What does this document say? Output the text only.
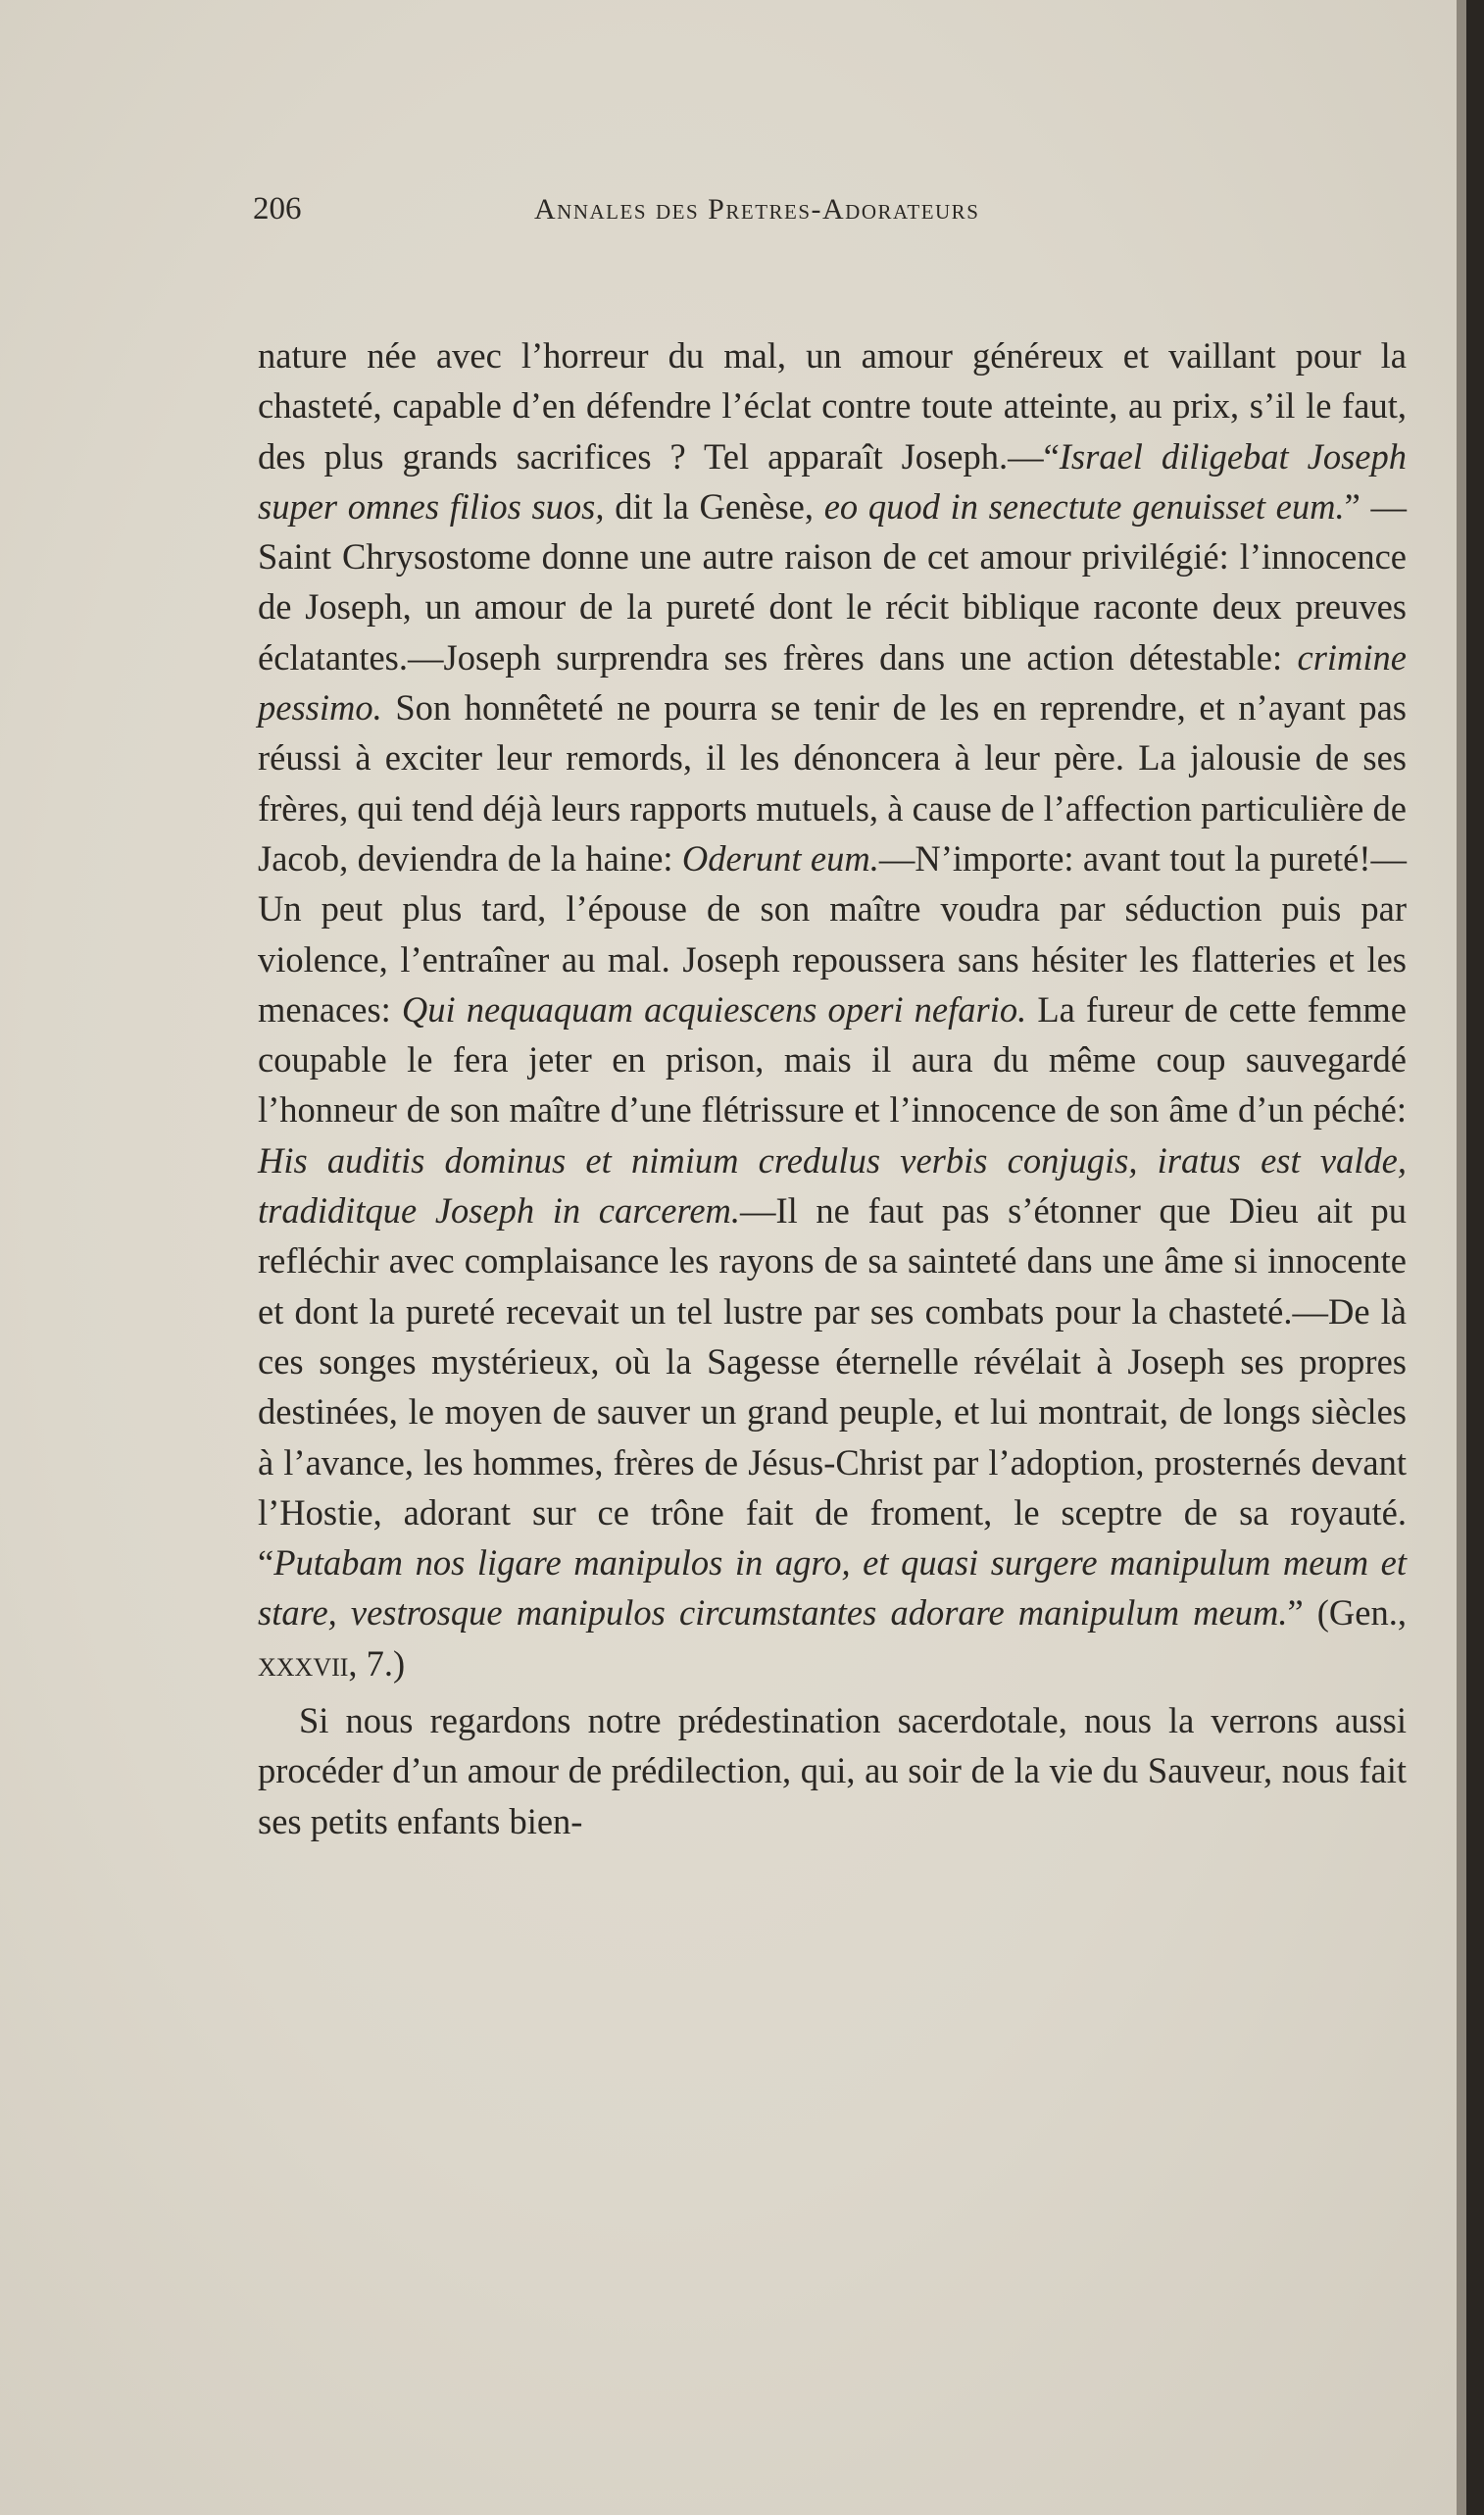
206	Annales des Pretres-Adorateurs

nature née avec l’horreur du mal, un amour généreux et vaillant pour la chasteté, capable d’en défendre l’éclat contre toute atteinte, au prix, s’il le faut, des plus grands sacrifices ? Tel apparaît Joseph.—“Israel diligebat Joseph super omnes filios suos, dit la Genèse, eo quod in senectute genuisset eum.” —Saint Chrysostome donne une autre raison de cet amour privilégié: l’innocence de Joseph, un amour de la pureté dont le récit biblique raconte deux preuves éclatantes.—Joseph surprendra ses frères dans une action détestable: crimine pessimo. Son honnêteté ne pourra se tenir de les en reprendre, et n’ayant pas réussi à exciter leur remords, il les dénoncera à leur père. La jalousie de ses frères, qui tend déjà leurs rapports mutuels, à cause de l’affection particulière de Jacob, deviendra de la haine: Oderunt eum.—N’importe: avant tout la pureté!—Un peut plus tard, l’épouse de son maître voudra par séduction puis par violence, l’entraîner au mal. Joseph repoussera sans hésiter les flatteries et les menaces: Qui nequaquam acquiescens operi nefario. La fureur de cette femme coupable le fera jeter en prison, mais il aura du même coup sauvegardé l’honneur de son maître d’une flétrissure et l’innocence de son âme d’un péché: His auditis dominus et nimium credulus verbis conjugis, iratus est valde, tradiditque Joseph in carcerem.—Il ne faut pas s’étonner que Dieu ait pu refléchir avec complaisance les rayons de sa sainteté dans une âme si innocente et dont la pureté recevait un tel lustre par ses combats pour la chasteté.—De là ces songes mystérieux, où la Sagesse éternelle révélait à Joseph ses propres destinées, le moyen de sauver un grand peuple, et lui montrait, de longs siècles à l’avance, les hommes, frères de Jésus-Christ par l’adoption, prosternés devant l’Hostie, adorant sur ce trône fait de froment, le sceptre de sa royauté. “Putabam nos ligare manipulos in agro, et quasi surgere manipulum meum et stare, vestrosque manipulos circumstantes adorare manipulum meum.” (Gen., xxxvii, 7.)

Si nous regardons notre prédestination sacerdotale, nous la verrons aussi procéder d’un amour de prédilection, qui, au soir de la vie du Sauveur, nous fait ses petits enfants bien-
